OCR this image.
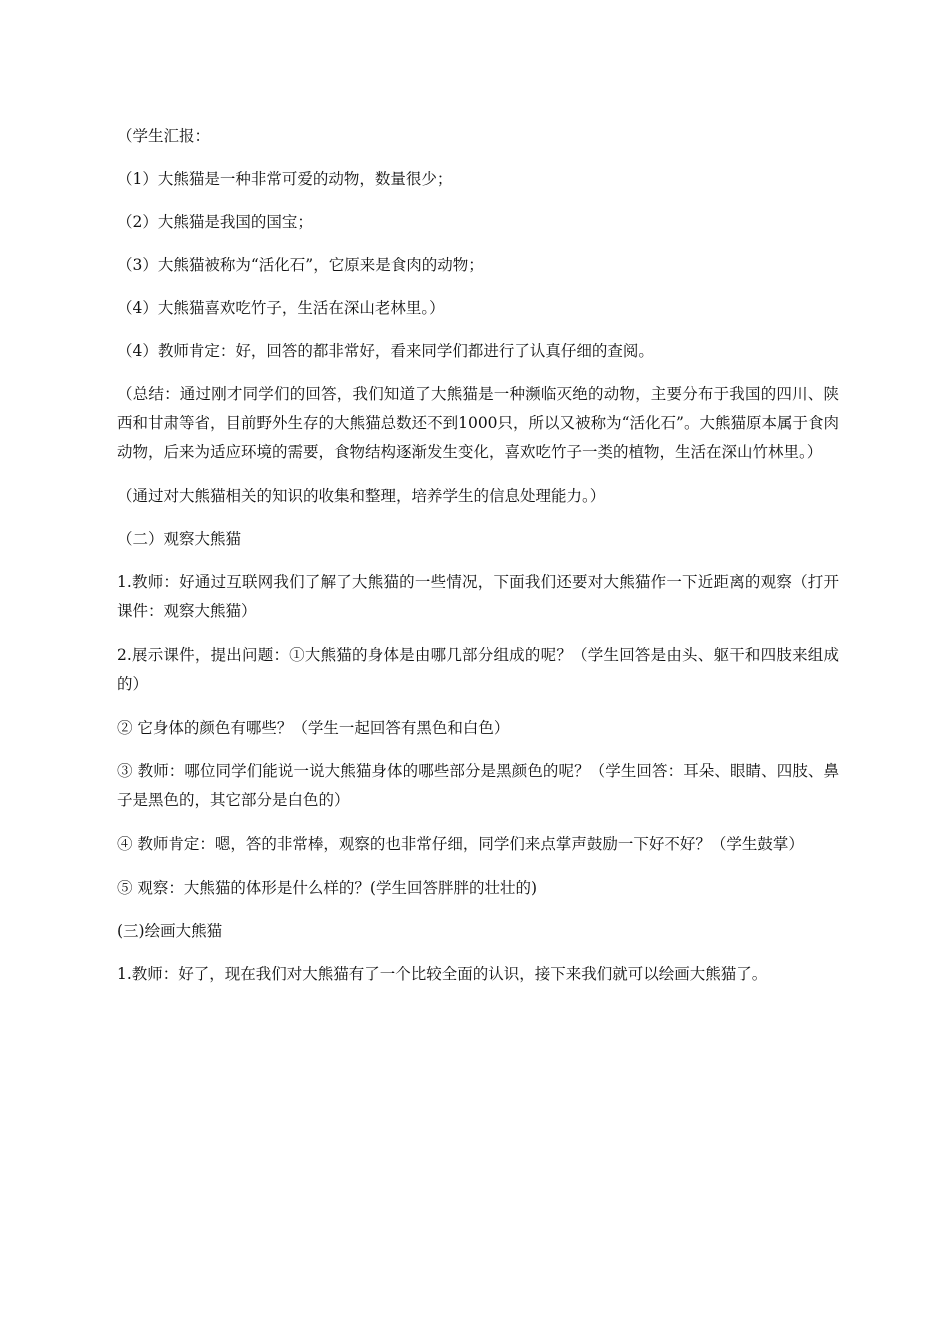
（学生汇报：

（1）大熊猫是一种非常可爱的动物，数量很少；

（2）大熊猫是我国的国宝；

（3）大熊猫被称为“活化石”，它原来是食肉的动物；

（4）大熊猫喜欢吃竹子，生活在深山老林里。）

（4）教师肯定：好，回答的都非常好，看来同学们都进行了认真仔细的查阅。

（总结：通过刚才同学们的回答，我们知道了大熊猫是一种濒临灭绝的动物，主要分布于我国的四川、陕西和甘肃等省，目前野外生存的大熊猫总数还不到1000只，所以又被称为“活化石”。大熊猫原本属于食肉动物，后来为适应环境的需要，食物结构逐渐发生变化，喜欢吃竹子一类的植物，生活在深山竹林里。）

（通过对大熊猫相关的知识的收集和整理，培养学生的信息处理能力。）

（二）观察大熊猫

1.教师：好通过互联网我们了解了大熊猫的一些情况，下面我们还要对大熊猫作一下近距离的观察（打开课件：观察大熊猫）

2.展示课件，提出问题：①大熊猫的身体是由哪几部分组成的呢？（学生回答是由头、躯干和四肢来组成的）

② 它身体的颜色有哪些？（学生一起回答有黑色和白色）

③ 教师：哪位同学们能说一说大熊猫身体的哪些部分是黑颜色的呢？（学生回答：耳朵、眼睛、四肢、鼻子是黑色的，其它部分是白色的）

④ 教师肯定：嗯，答的非常棒，观察的也非常仔细，同学们来点掌声鼓励一下好不好？（学生鼓掌）

⑤ 观察：大熊猫的体形是什么样的？(学生回答胖胖的壮壮的)

(三)绘画大熊猫

1.教师：好了，现在我们对大熊猫有了一个比较全面的认识，接下来我们就可以绘画大熊猫了。
